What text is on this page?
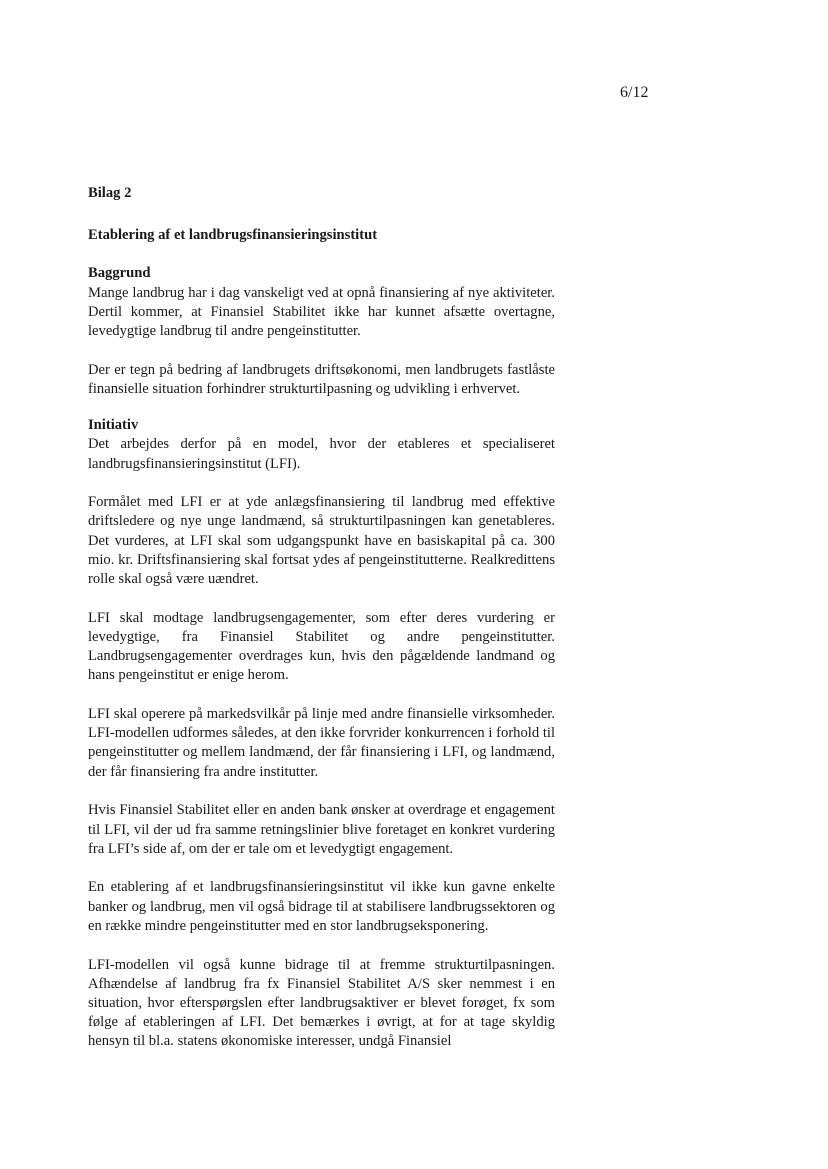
6/12
Bilag 2
Etablering af et landbrugsfinansieringsinstitut
Baggrund

Mange landbrug har i dag vanskeligt ved at opnå finansiering af nye aktiviteter. Dertil kommer, at Finansiel Stabilitet ikke har kunnet afsætte overtagne, levedygtige landbrug til andre pengeinstitutter.

Der er tegn på bedring af landbrugets driftsøkonomi, men landbrugets fastlåste finansielle situation forhindrer strukturtilpasning og udvikling i erhvervet.

Initiativ

Det arbejdes derfor på en model, hvor der etableres et specialiseret landbrugsfinansieringsinstitut (LFI).

Formålet med LFI er at yde anlægsfinansiering til landbrug med effektive driftsledere og nye unge landmænd, så strukturtilpasningen kan genetableres. Det vurderes, at LFI skal som udgangspunkt have en basiskapital på ca. 300 mio. kr. Driftsfinansiering skal fortsat ydes af pengeinstitutterne. Realkredittens rolle skal også være uændret.

LFI skal modtage landbrugsengagementer, som efter deres vurdering er levedygtige, fra Finansiel Stabilitet og andre pengeinstitutter. Landbrugsengagementer overdrages kun, hvis den pågældende landmand og hans pengeinstitut er enige herom.

LFI skal operere på markedsvilkår på linje med andre finansielle virksomheder. LFI-modellen udformes således, at den ikke forvrider konkurrencen i forhold til pengeinstitutter og mellem landmænd, der får finansiering i LFI, og landmænd, der får finansiering fra andre institutter.

Hvis Finansiel Stabilitet eller en anden bank ønsker at overdrage et engagement til LFI, vil der ud fra samme retningslinier blive foretaget en konkret vurdering fra LFI’s side af, om der er tale om et levedygtigt engagement.

En etablering af et landbrugsfinansieringsinstitut vil ikke kun gavne enkelte banker og landbrug, men vil også bidrage til at stabilisere landbrugssektoren og en række mindre pengeinstitutter med en stor landbrugseksponering.

LFI-modellen vil også kunne bidrage til at fremme strukturtilpasningen. Afhændelse af landbrug fra fx Finansiel Stabilitet A/S sker nemmest i en situation, hvor efterspørgslen efter landbrugsaktiver er blevet forøget, fx som følge af etableringen af LFI. Det bemærkes i øvrigt, at for at tage skyldig hensyn til bl.a. statens økonomiske interesser, undgå Finansiel
